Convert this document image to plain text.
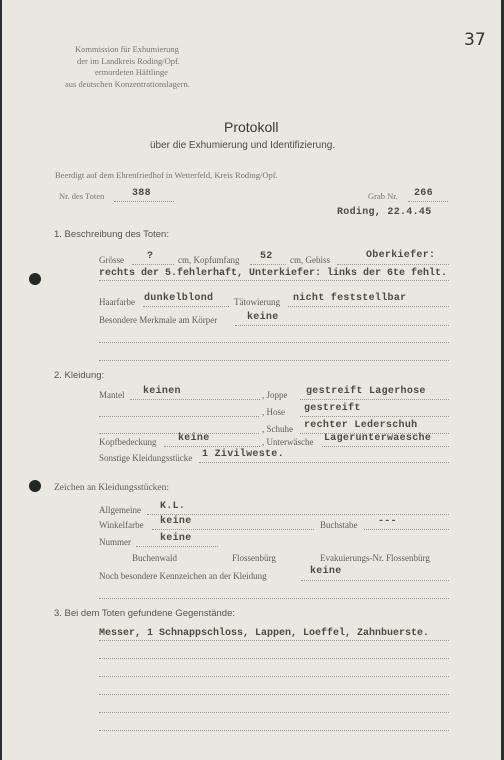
37
Kommission für Exhumierung
der im Landkreis Roding/Opf.
ermordeten Häftlinge
aus deutschen Konzentrationslagern.
Protokoll
über die Exhumierung und Identifizierung.
Beerdigt auf dem Ehrenfriedhof in Wetterfeld, Kreis Roding/Opf.
Nr. des Toten	388	Grab Nr. 266
Roding, 22.4.45
1. Beschreibung des Toten:
Grösse ?	cm, Kopfumfang 52 cm, Gebiss	Oberkiefer:
rechts der 5.fehlerhaft, Unterkiefer: links der 6te fehlt.
Haarfarbe dunkelblond Tätowierung nicht feststellbar
Besondere Merkmale am Körper	keine
2. Kleidung:
Mantel keinen	, Joppe gestreift Lagerhose
, Hose gestreift
, Schuhe rechter Lederschuh
Kopfbedeckung keine	, Unterwäsche Lagerunterwaesche
Sonstige Kleidungsstücke 1 Zivilweste.
Zeichen an Kleidungsstücken:
Allgemeine K.L.
Winkelfarbe keine	Buchstabe ---
Nummer	keine
Buchenwald	Flossenbürg	Evakuierungs-Nr. Flossenbürg
Noch besondere Kennzeichen an der Kleidung	keine
3. Bei dem Toten gefundene Gegenstände:
Messer, 1 Schnappschloss, Lappen, Loeffel, Zahnbuerste.
